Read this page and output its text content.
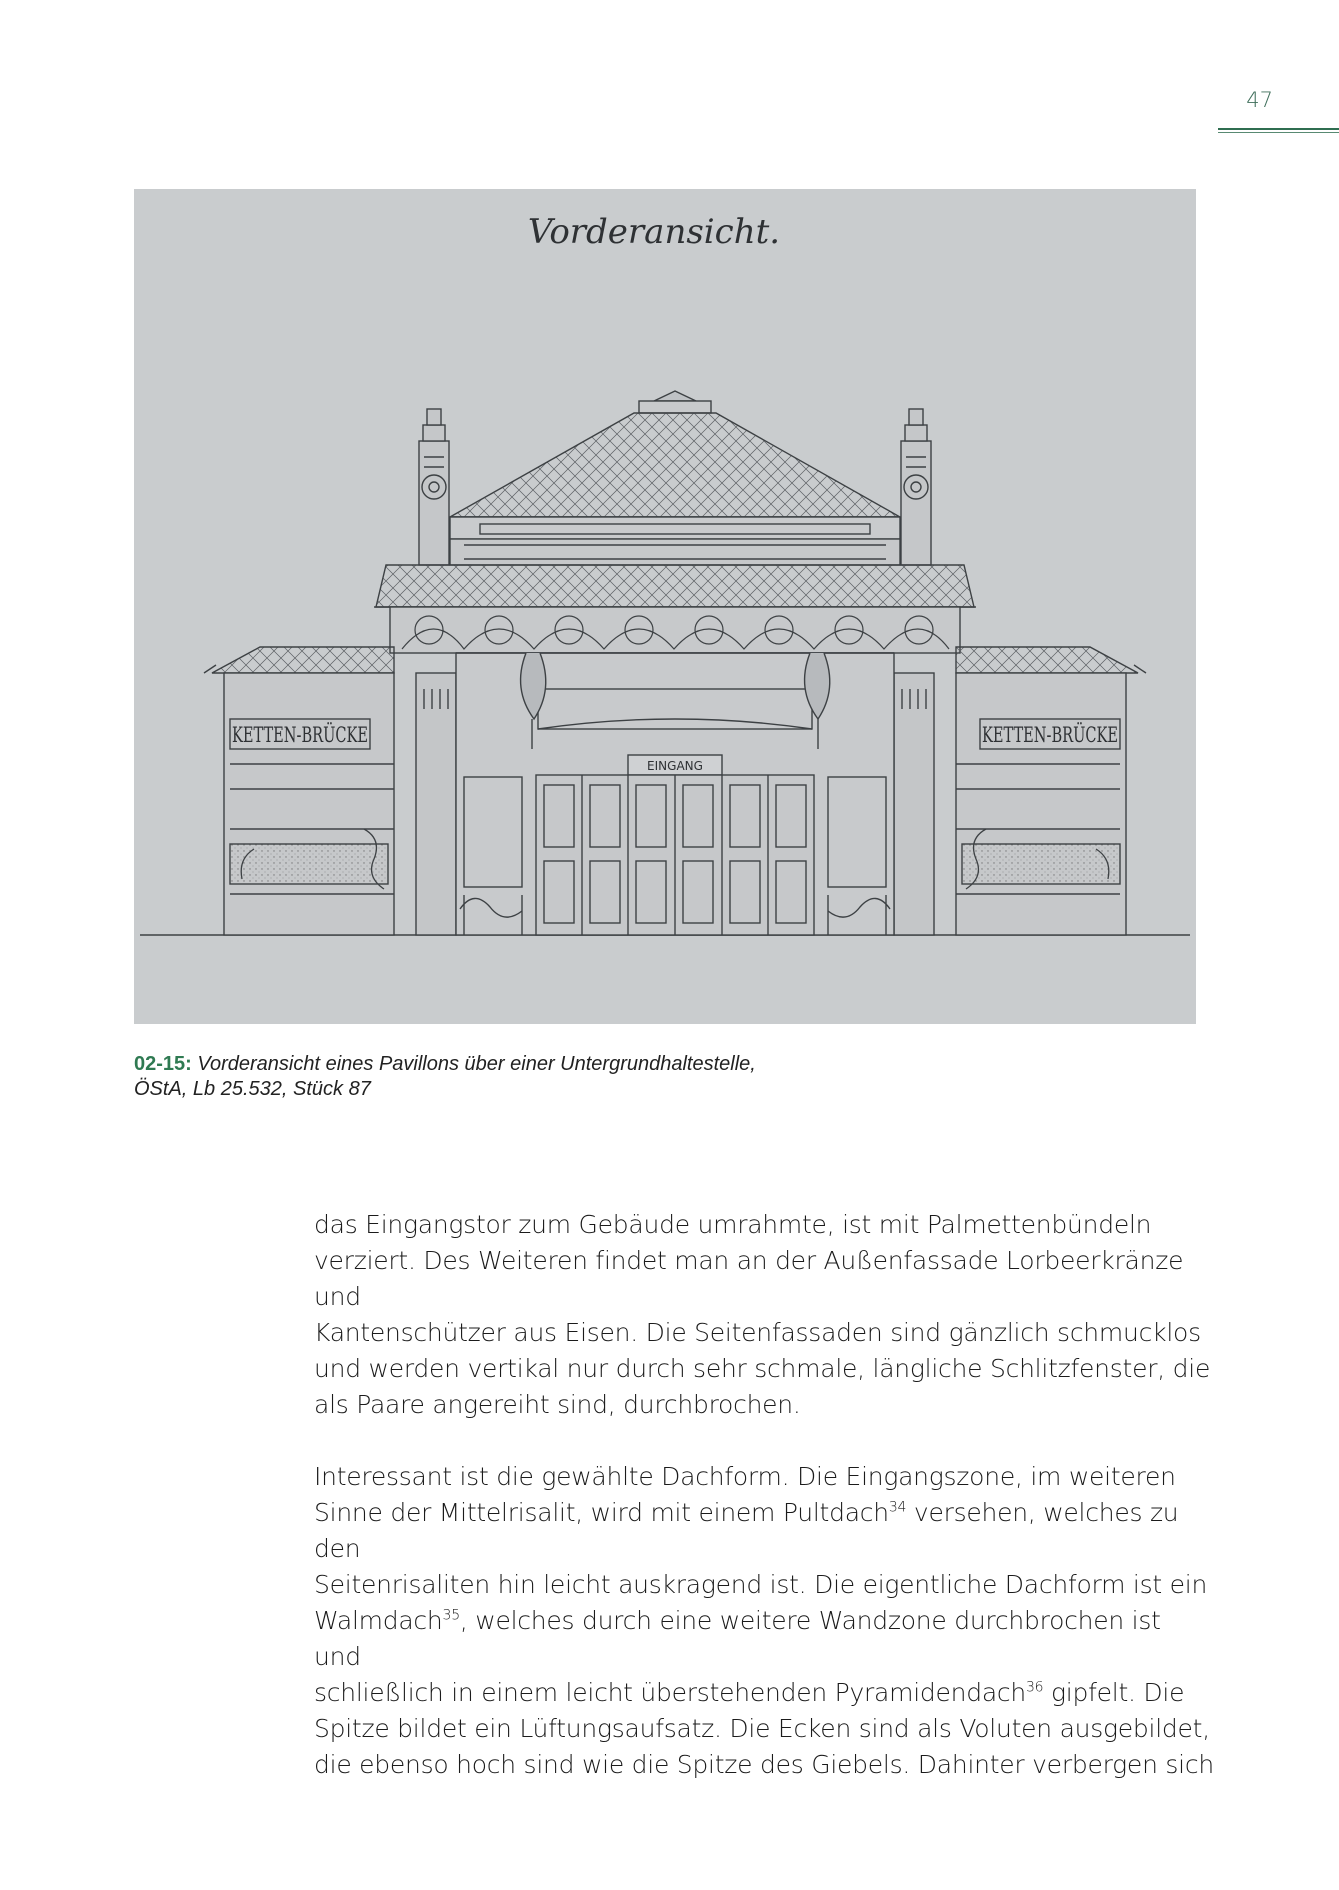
47
Vorderansicht.
KETTEN-BRÜCKE	KETTEN-BRÜCKE
EINGANG
02-15: Vorderansicht eines Pavillons über einer Untergrundhaltestelle,
ÖStA, Lb 25.532, Stück 87

das Eingangstor zum Gebäude umrahmte, ist mit Palmettenbündeln
verziert. Des Weiteren findet man an der Außenfassade Lorbeerkränze und
Kantenschützer aus Eisen. Die Seitenfassaden sind gänzlich schmucklos
und werden vertikal nur durch sehr schmale, längliche Schlitzfenster, die
als Paare angereiht sind, durchbrochen.

Interessant ist die gewählte Dachform. Die Eingangszone, im weiteren
Sinne der Mittelrisalit, wird mit einem Pultdach$^{34}$ versehen, welches zu den
Seitenrisaliten hin leicht auskragend ist. Die eigentliche Dachform ist ein
Walmdach$^{35}$, welches durch eine weitere Wandzone durchbrochen ist und
schließlich in einem leicht überstehenden Pyramidendach$^{36}$ gipfelt. Die
Spitze bildet ein Lüftungsaufsatz. Die Ecken sind als Voluten ausgebildet,
die ebenso hoch sind wie die Spitze des Giebels. Dahinter verbergen sich
